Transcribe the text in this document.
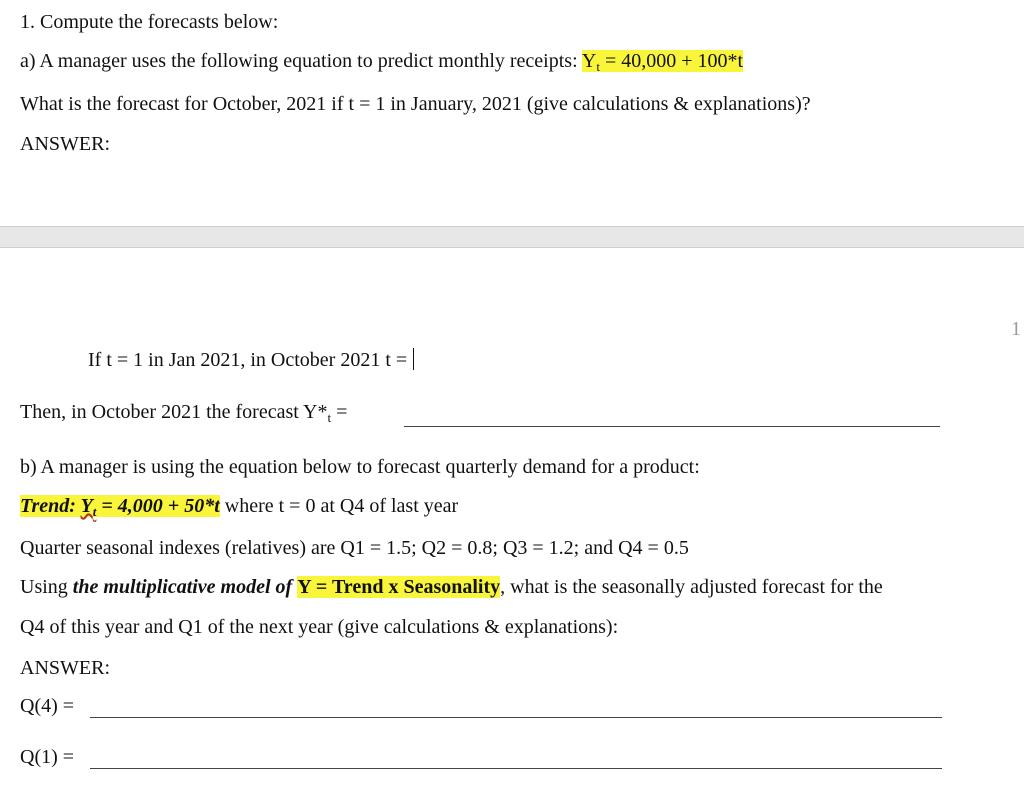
1. Compute the forecasts below:
a) A manager uses the following equation to predict monthly receipts: $Y_t = 40,000 + 100*t$
What is the forecast for October, 2021 if t = 1 in January, 2021 (give calculations & explanations)?
ANSWER:
1
If t = 1 in Jan 2021, in October 2021 t =
Then, in October 2021 the forecast $Y*_t$ =
b) A manager is using the equation below to forecast quarterly demand for a product:
Trend: $Y_t = 4,000 + 50*t$ where t = 0 at Q4 of last year
Quarter seasonal indexes (relatives) are Q1 = 1.5; Q2 = 0.8; Q3 = 1.2; and Q4 = 0.5
Using the multiplicative model of Y = Trend x Seasonality, what is the seasonally adjusted forecast for the
Q4 of this year and Q1 of the next year (give calculations & explanations):
ANSWER:
Q(4) =
Q(1) =
